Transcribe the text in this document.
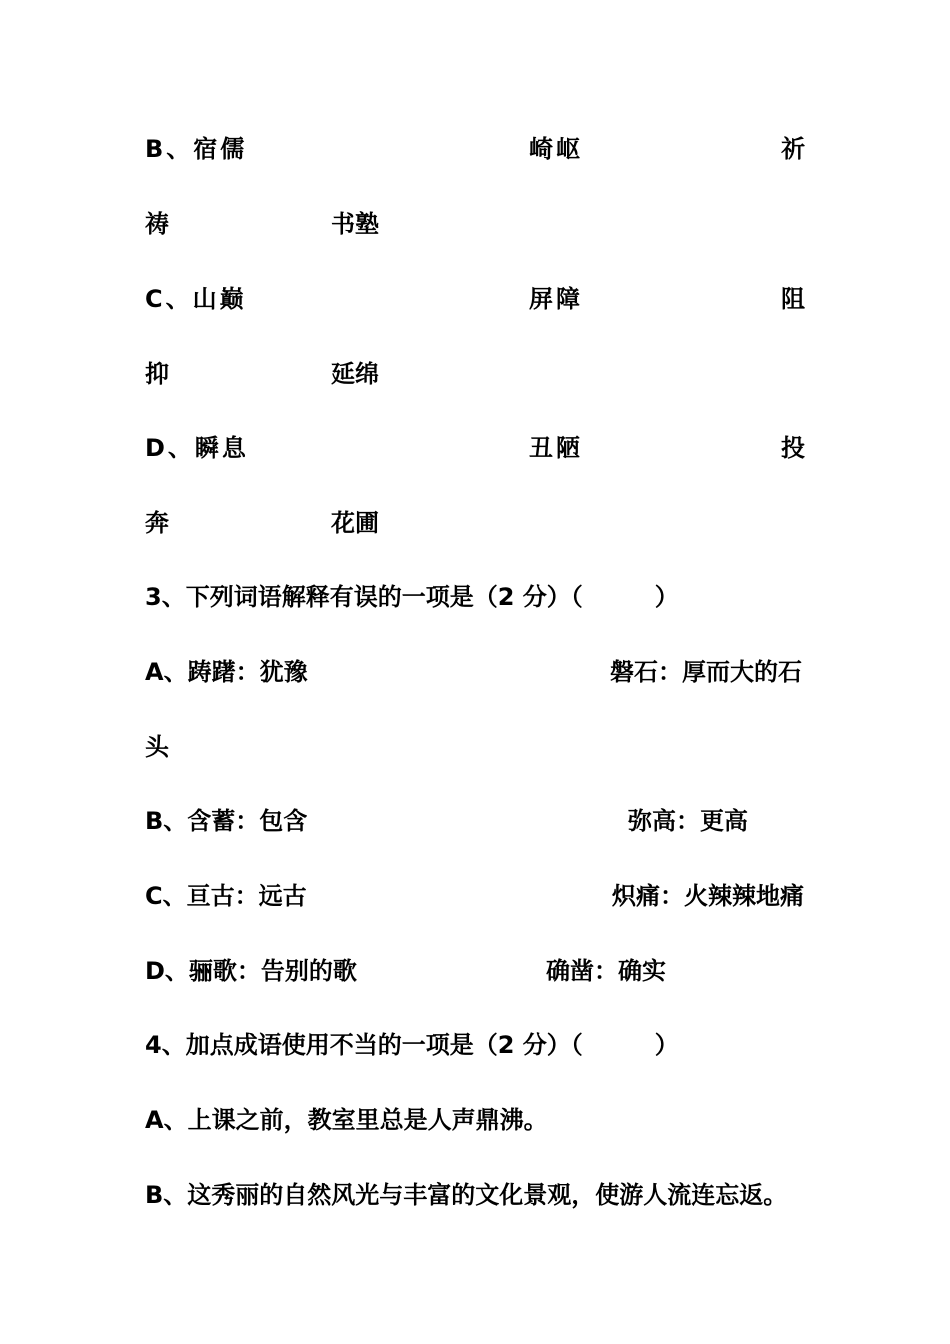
B、宿儒	崎岖	祈
祷	书塾
C、山巅	屏障	阻
抑	延绵
D、瞬息	丑陋	投
奔	花圃
3、下列词语解释有误的一项是（2 分）（　　　）
A、踌躇：犹豫	磐石：厚而大的石
头
B、含蓄：包含	弥高：更高
C、亘古：远古	炽痛：火辣辣地痛
D、骊歌：告别的歌	确凿：确实
4、加点成语使用不当的一项是（2 分）（　　　）
A、上课之前，教室里总是人声鼎沸。
B、这秀丽的自然风光与丰富的文化景观，使游人流连忘返。
